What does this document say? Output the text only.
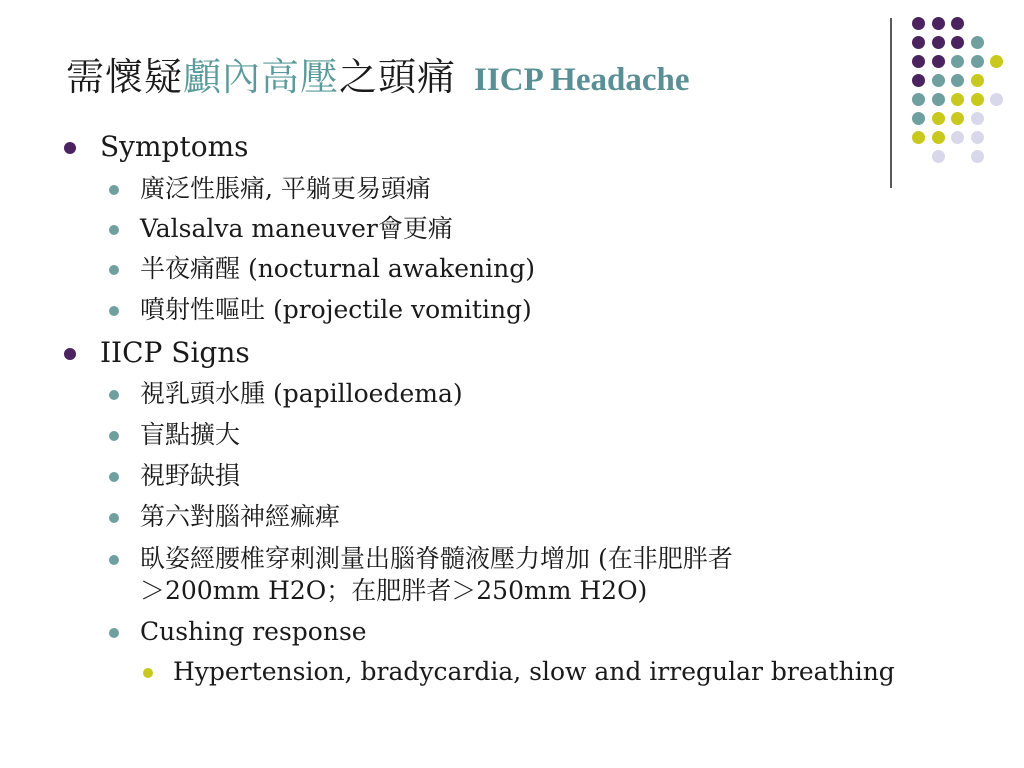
需懷疑顱內高壓之頭痛 IICP Headache
Symptoms
廣泛性脹痛, 平躺更易頭痛
Valsalva maneuver會更痛
半夜痛醒 (nocturnal awakening)
噴射性嘔吐 (projectile vomiting)
IICP Signs
視乳頭水腫 (papilloedema)
盲點擴大
視野缺損
第六對腦神經痲痺
臥姿經腰椎穿刺測量出腦脊髓液壓力增加 (在非肥胖者
＞200mm H2O；在肥胖者＞250mm H2O)
Cushing response
Hypertension, bradycardia, slow and irregular breathing
